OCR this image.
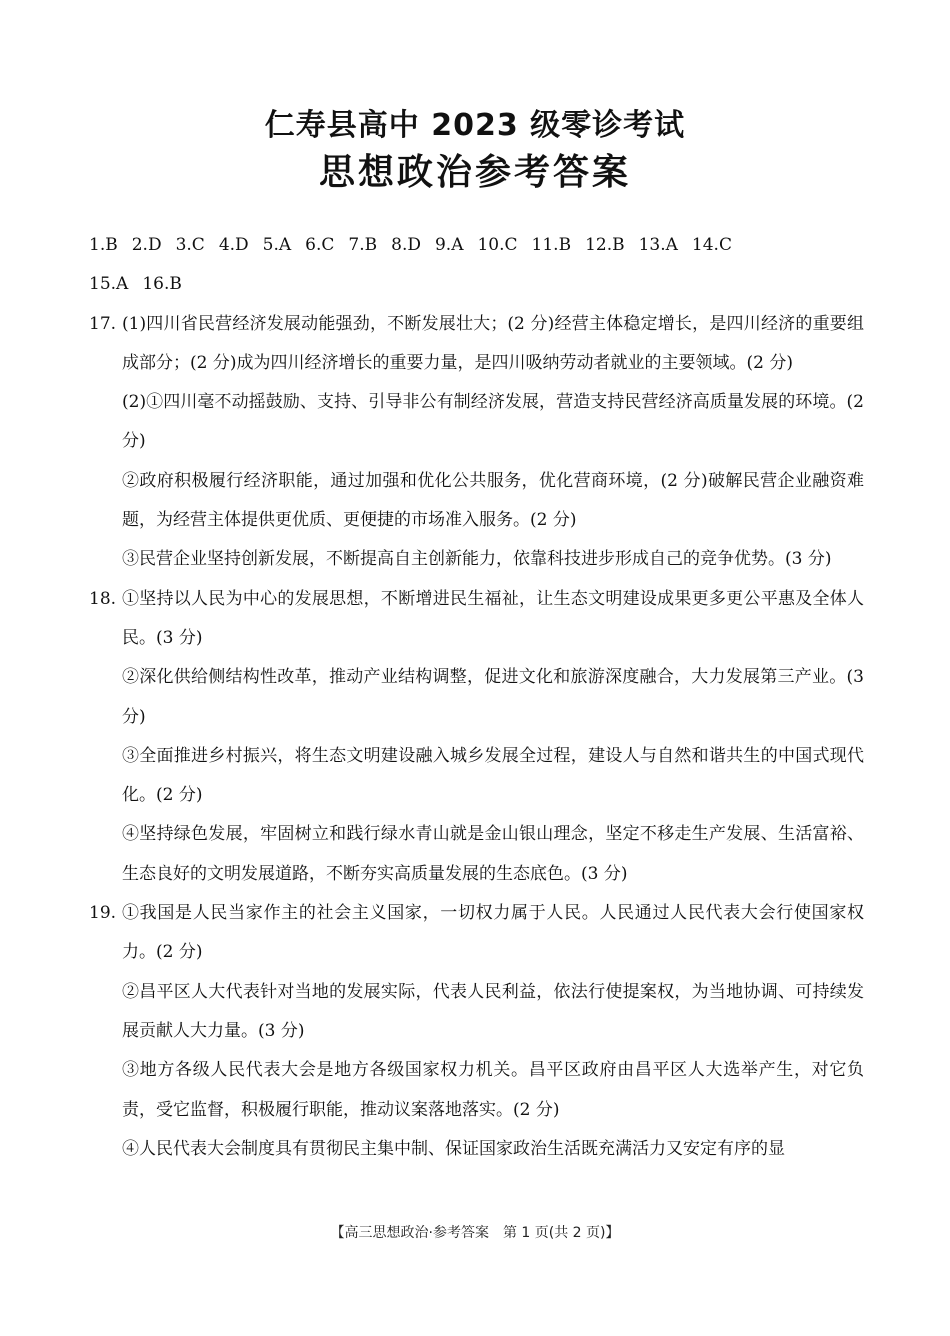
仁寿县高中 2023 级零诊考试
思想政治参考答案
1.B 2.D 3.C 4.D 5.A 6.C 7.B 8.D 9.A 10.C 11.B 12.B 13.A 14.C
15.A 16.B
17. (1)四川省民营经济发展动能强劲，不断发展壮大；(2 分)经营主体稳定增长，是四川经济的重要组成部分；(2 分)成为四川经济增长的重要力量，是四川吸纳劳动者就业的主要领域。(2 分)
(2)①四川毫不动摇鼓励、支持、引导非公有制经济发展，营造支持民营经济高质量发展的环境。(2 分)
②政府积极履行经济职能，通过加强和优化公共服务，优化营商环境，(2 分)破解民营企业融资难题，为经营主体提供更优质、更便捷的市场准入服务。(2 分)
③民营企业坚持创新发展，不断提高自主创新能力，依靠科技进步形成自己的竞争优势。(3 分)
18. ①坚持以人民为中心的发展思想，不断增进民生福祉，让生态文明建设成果更多更公平惠及全体人民。(3 分)
②深化供给侧结构性改革，推动产业结构调整，促进文化和旅游深度融合，大力发展第三产业。(3 分)
③全面推进乡村振兴，将生态文明建设融入城乡发展全过程，建设人与自然和谐共生的中国式现代化。(2 分)
④坚持绿色发展，牢固树立和践行绿水青山就是金山银山理念，坚定不移走生产发展、生活富裕、生态良好的文明发展道路，不断夯实高质量发展的生态底色。(3 分)
19. ①我国是人民当家作主的社会主义国家，一切权力属于人民。人民通过人民代表大会行使国家权力。(2 分)
②昌平区人大代表针对当地的发展实际，代表人民利益，依法行使提案权，为当地协调、可持续发展贡献人大力量。(3 分)
③地方各级人民代表大会是地方各级国家权力机关。昌平区政府由昌平区人大选举产生，对它负责，受它监督，积极履行职能，推动议案落地落实。(2 分)
④人民代表大会制度具有贯彻民主集中制、保证国家政治生活既充满活力又安定有序的显
【高三思想政治·参考答案　第 1 页(共 2 页)】
